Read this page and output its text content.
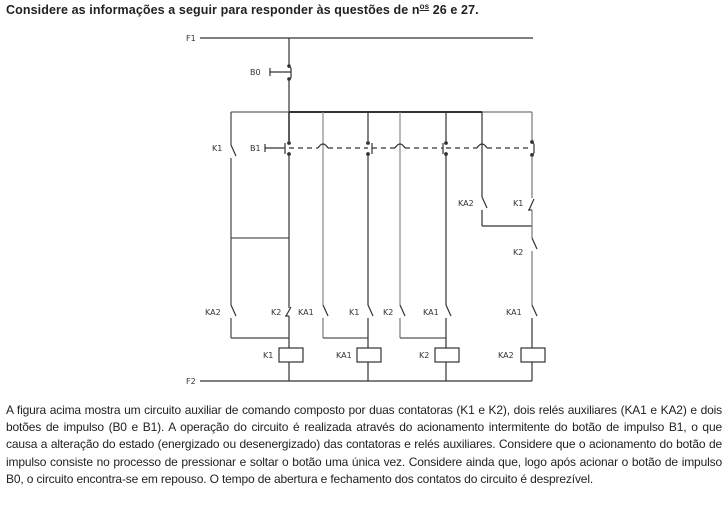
Considere as informações a seguir para responder às questões de $n^{os}$ 26 e 27.
F1
F2
B0
B1
K1
KA2	K2 KA1	K1	K2	KA1
KA2	K1
K2
KA1
K1	KA1	K2	KA2

A figura acima mostra um circuito auxiliar de comando composto por duas contatoras (K1 e K2), dois relés auxiliares (KA1 e KA2) e dois botões de impulso (B0 e B1). A operação do circuito é realizada através do acionamento intermitente do botão de impulso B1, o que causa a alteração do estado (energizado ou desenergizado) das contatoras e relés auxiliares. Considere que o acionamento do botão de impulso consiste no processo de pressionar e soltar o botão uma única vez. Considere ainda que, logo após acionar o botão de impulso B0, o circuito encontra-se em repouso. O tempo de abertura e fechamento dos contatos do circuito é desprezível.
